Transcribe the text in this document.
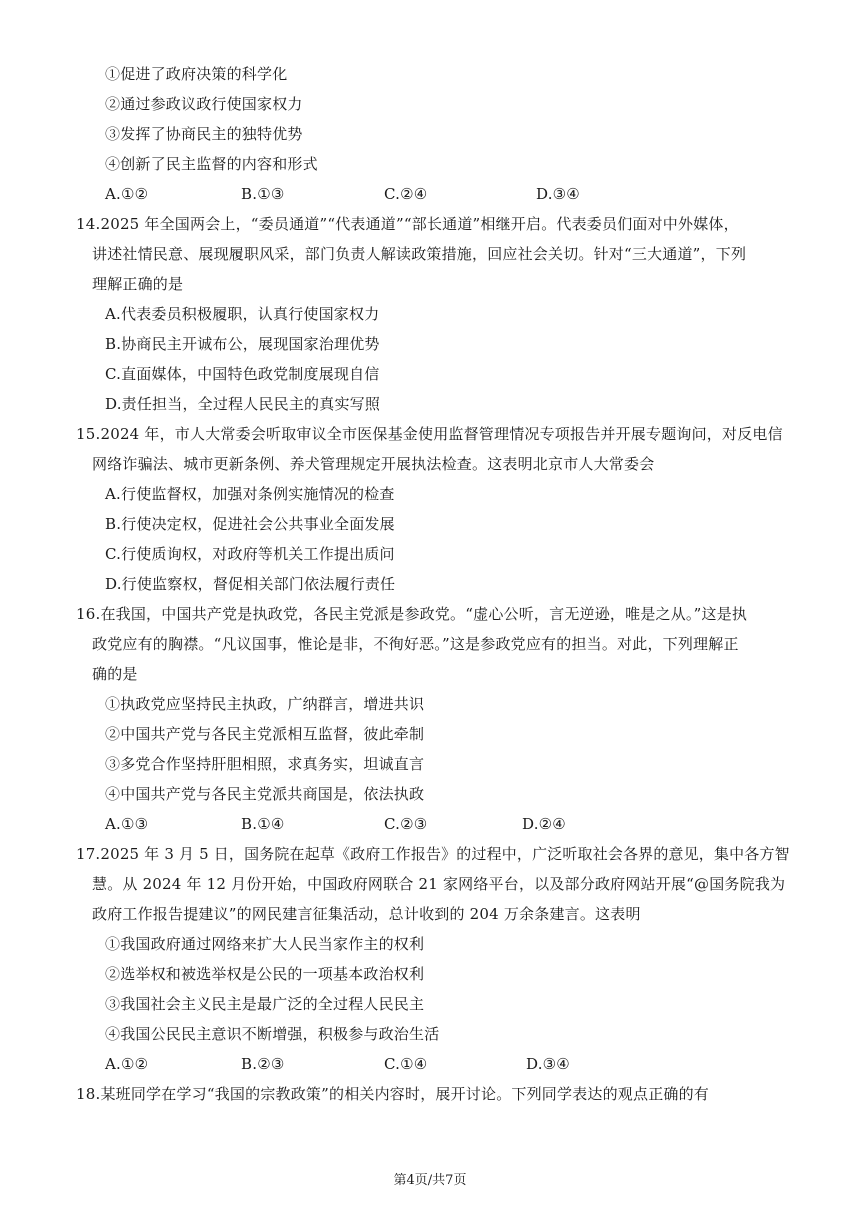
①促进了政府决策的科学化
②通过参政议政行使国家权力
③发挥了协商民主的独特优势
④创新了民主监督的内容和形式
A.①②	B.①③	C.②④	D.③④
14.2025 年全国两会上，“委员通道”“代表通道”“部长通道”相继开启。代表委员们面对中外媒体，
讲述社情民意、展现履职风采，部门负责人解读政策措施，回应社会关切。针对“三大通道”，下列
理解正确的是
A.代表委员积极履职，认真行使国家权力
B.协商民主开诚布公，展现国家治理优势
C.直面媒体，中国特色政党制度展现自信
D.责任担当，全过程人民民主的真实写照
15.2024 年，市人大常委会听取审议全市医保基金使用监督管理情况专项报告并开展专题询问，对反电信
网络诈骗法、城市更新条例、养犬管理规定开展执法检查。这表明北京市人大常委会
A.行使监督权，加强对条例实施情况的检查
B.行使决定权，促进社会公共事业全面发展
C.行使质询权，对政府等机关工作提出质问
D.行使监察权，督促相关部门依法履行责任
16.在我国，中国共产党是执政党，各民主党派是参政党。“虚心公听，言无逆逊，唯是之从。”这是执
政党应有的胸襟。“凡议国事，惟论是非，不徇好恶。”这是参政党应有的担当。对此，下列理解正
确的是
①执政党应坚持民主执政，广纳群言，增进共识
②中国共产党与各民主党派相互监督，彼此牵制
③多党合作坚持肝胆相照，求真务实，坦诚直言
④中国共产党与各民主党派共商国是，依法执政
A.①③	B.①④	C.②③	D.②④
17.2025 年 3 月 5 日，国务院在起草《政府工作报告》的过程中，广泛听取社会各界的意见，集中各方智
慧。从 2024 年 12 月份开始，中国政府网联合 21 家网络平台，以及部分政府网站开展“@国务院我为
政府工作报告提建议”的网民建言征集活动，总计收到的 204 万余条建言。这表明
①我国政府通过网络来扩大人民当家作主的权利
②选举权和被选举权是公民的一项基本政治权利
③我国社会主义民主是最广泛的全过程人民民主
④我国公民民主意识不断增强，积极参与政治生活
A.①②	B.②③	C.①④	D.③④
18.某班同学在学习“我国的宗教政策”的相关内容时，展开讨论。下列同学表达的观点正确的有
第4页/共7页
